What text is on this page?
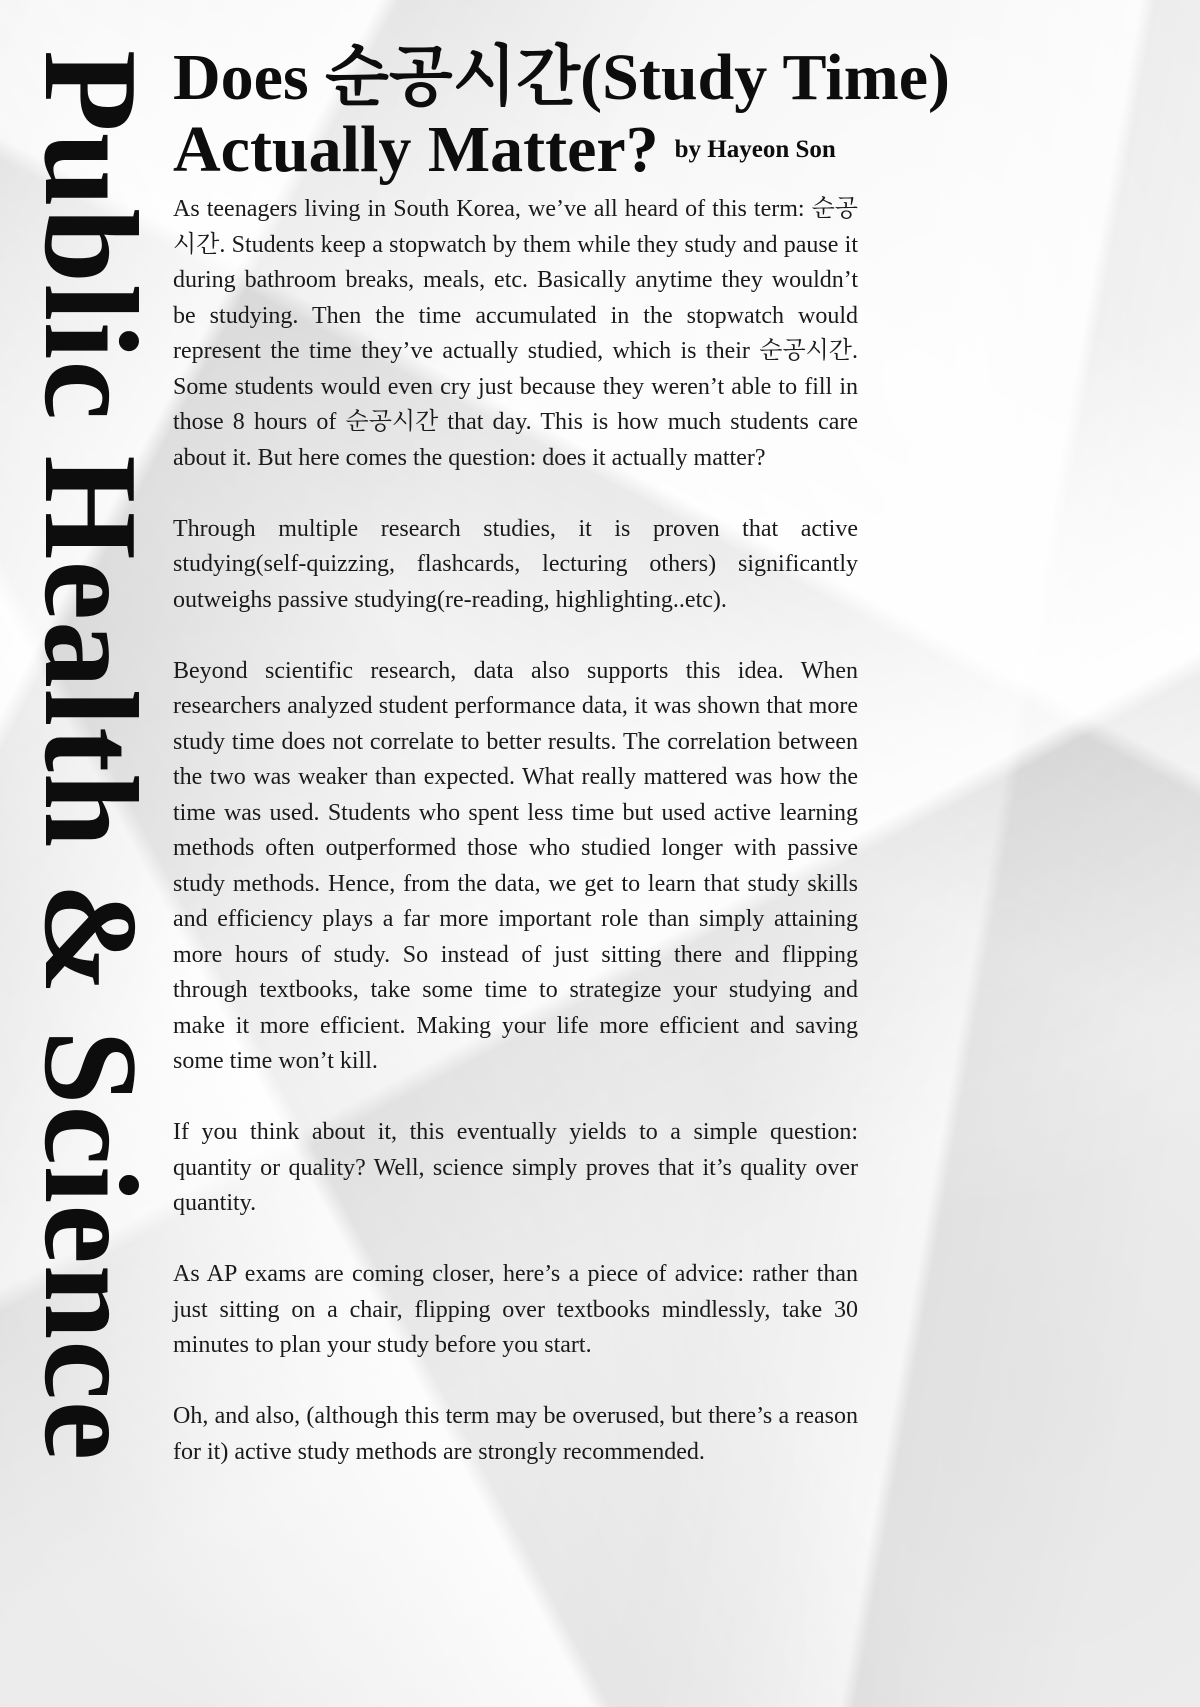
Public Health & Science Does 순공시간(Study Time)
Actually Matter? $^{by Hayeon Son}$

As teenagers living in South Korea, we’ve all heard of this term: 순공시간. Students keep a stopwatch by them while they study and pause it during bathroom breaks, meals, etc. Basically anytime they wouldn’t be studying. Then the time accumulated in the stopwatch would represent the time they’ve actually studied, which is their 순공시간. Some students would even cry just because they weren’t able to fill in those 8 hours of 순공시간 that day. This is how much students care about it. But here comes the question: does it actually matter?

Through multiple research studies, it is proven that active studying(self-quizzing, flashcards, lecturing others) significantly outweighs passive studying(re-reading, highlighting..etc).

Beyond scientific research, data also supports this idea. When researchers analyzed student performance data, it was shown that more study time does not correlate to better results. The correlation between the two was weaker than expected. What really mattered was how the time was used. Students who spent less time but used active learning methods often outperformed those who studied longer with passive study methods. Hence, from the data, we get to learn that study skills and efficiency plays a far more important role than simply attaining more hours of study. So instead of just sitting there and flipping through textbooks, take some time to strategize your studying and make it more efficient. Making your life more efficient and saving some time won’t kill.

If you think about it, this eventually yields to a simple question: quantity or quality? Well, science simply proves that it’s quality over quantity.

As AP exams are coming closer, here’s a piece of advice: rather than just sitting on a chair, flipping over textbooks mindlessly, take 30 minutes to plan your study before you start.

Oh, and also, (although this term may be overused, but there’s a reason for it) active study methods are strongly recommended.
